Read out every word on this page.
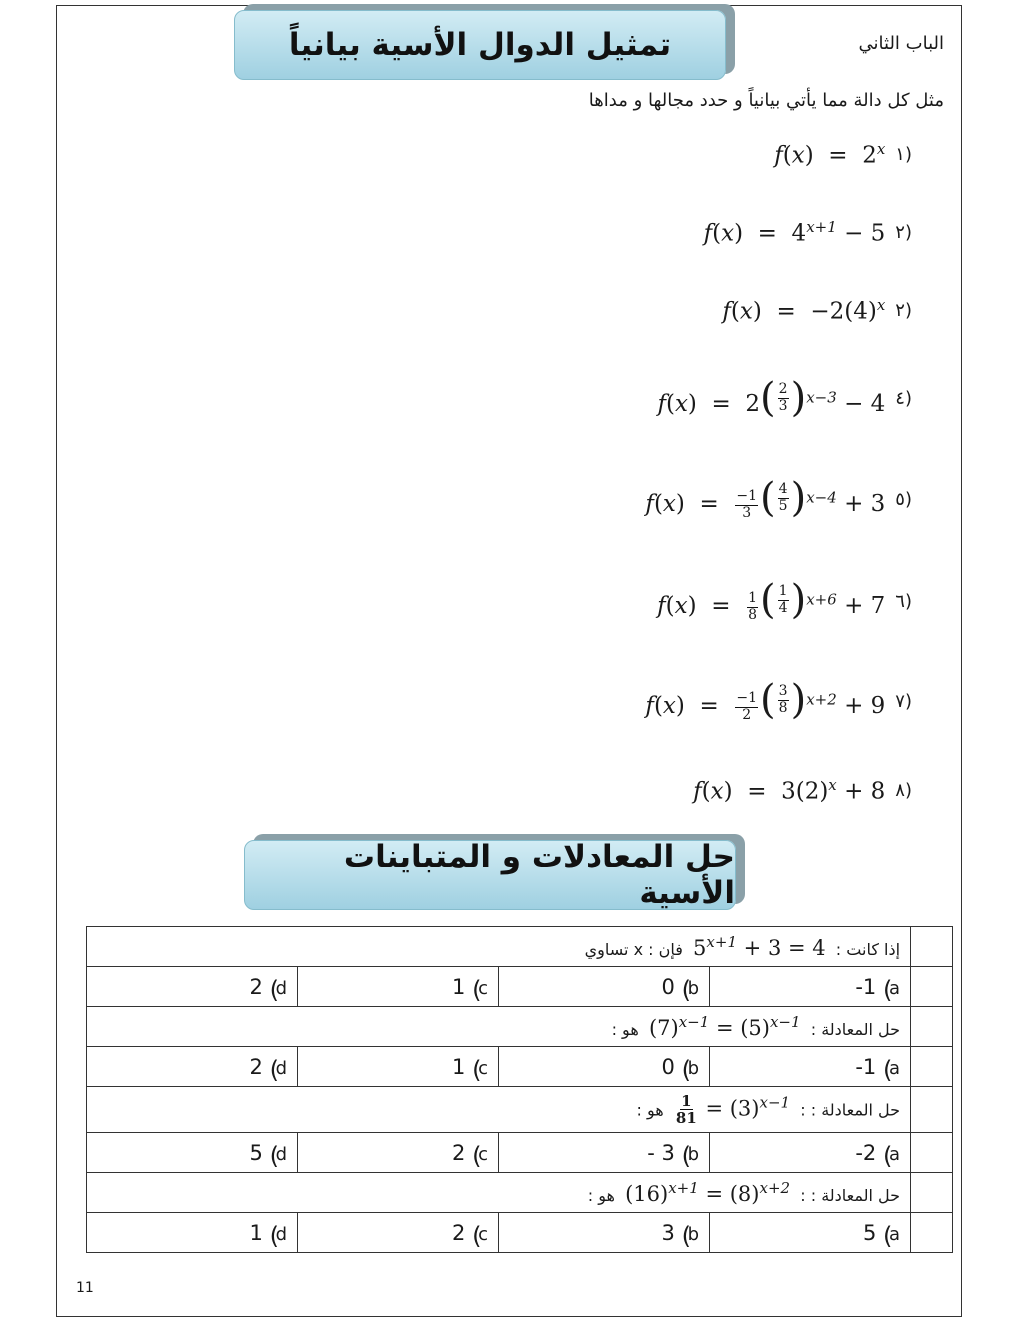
الباب الثاني
تمثيل الدوال الأسية بيانياً
مثل كل دالة مما يأتي بيانياً و حدد مجالها و مداها
f(x)  =  2$^x$ ١)
$f(x) = 4^{x+1} - 5$ ٢)
$f(x) = -2(4)^x$ ٢)
f(x)  =  2 ( $\frac{2}{3}$ ) $^{x-3}$ − 4 ٤)
$f(x) = \frac{-1}{3}$ ( $\frac{4}{5}$ ) $^{x-4}$ + 3 ٥)
$f(x) = \frac{1}{8}$ ( $\frac{1}{4}$ ) $^{x+6}$ + 7 ٦)
$f(x) = \frac{-1}{2}$ ( $\frac{3}{8}$ ) $^{x+2}$ + 9 ٧)
$f(x) = 3(2)^x + 8$ ٨)
حل المعادلات و المتباينات الأسية
إذا كانت :  $5^{x+1} + 3 = 4$  فإن : x تساوي				
2 ( d	1 ( c	0 ( b	-1 ( a	
حل المعادلة :  $(7)^{x-1} = (5)^{x-1}$  هو :				
2 ( d	1 ( c	0 ( b	-1 ( a	
حل المعادلة : :
$\frac{1}{81} = (3)^{x-1}$  هو :				
5 ( d	2 ( c	- 3 ( b	-2 ( a	
حل المعادلة : :  $(16)^{x+1} = (8)^{x+2}$  هو :				
1 ( d	2 ( c	3 ( b	5 ( a	
11
